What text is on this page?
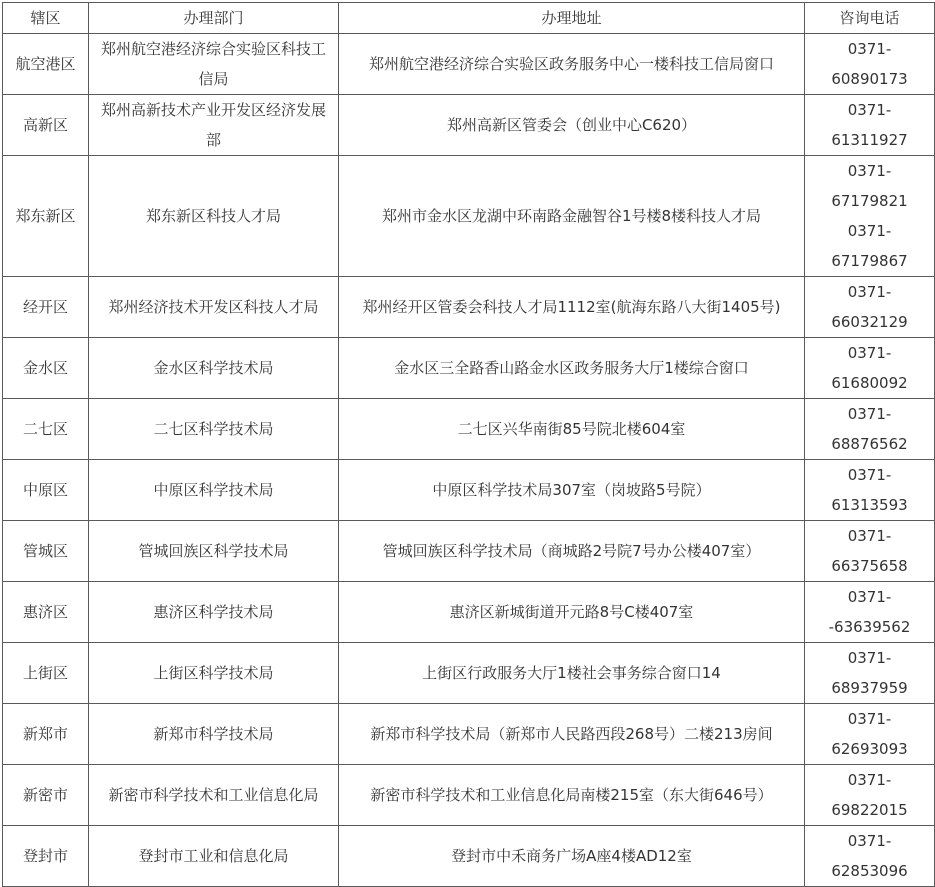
辖区	办理部门	办理地址	咨询电话
航空港区	郑州航空港经济综合实验区科技工信局	郑州航空港经济综合实验区政务服务中心一楼科技工信局窗口	0371-
60890173

高新区	郑州高新技术产业开发区经济发展部	郑州高新区管委会（创业中心C620）	0371-
61311927

郑东新区	郑东新区科技人才局	郑州市金水区龙湖中环南路金融智谷1号楼8楼科技人才局	0371-
67179821
0371-
67179867

经开区	郑州经济技术开发区科技人才局	郑州经开区管委会科技人才局1112室(航海东路八大街1405号)	0371-
66032129

金水区	金水区科学技术局	金水区三全路香山路金水区政务服务大厅1楼综合窗口	0371-
61680092

二七区	二七区科学技术局	二七区兴华南街85号院北楼604室	0371-
68876562

中原区	中原区科学技术局	中原区科学技术局307室（岗坡路5号院）	0371-
61313593

管城区	管城回族区科学技术局	管城回族区科学技术局（商城路2号院7号办公楼407室）	0371-
66375658

惠济区	惠济区科学技术局	惠济区新城街道开元路8号C楼407室	0371-
-63639562

上街区	上街区科学技术局	上街区行政服务大厅1楼社会事务综合窗口14	0371-
68937959

新郑市	新郑市科学技术局	新郑市科学技术局（新郑市人民路西段268号）二楼213房间	0371-
62693093

新密市	新密市科学技术和工业信息化局	新密市科学技术和工业信息化局南楼215室（东大街646号）	0371-
69822015

登封市	登封市工业和信息化局	登封市中禾商务广场A座4楼AD12室	0371-
62853096
